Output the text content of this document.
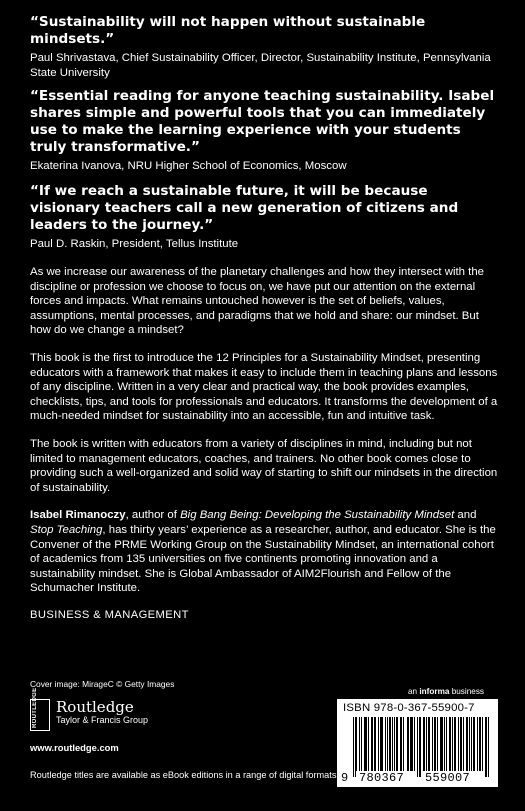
“Sustainability will not happen without sustainable mindsets.”

Paul Shrivastava, Chief Sustainability Officer, Director, Sustainability Institute, Pennsylvania State University

“Essential reading for anyone teaching sustainability. Isabel shares simple and powerful tools that you can immediately use to make the learning experience with your students truly transformative.”

Ekaterina Ivanova, NRU Higher School of Economics, Moscow

“If we reach a sustainable future, it will be because visionary teachers call a new generation of citizens and leaders to the journey.”

Paul D. Raskin, President, Tellus Institute

As we increase our awareness of the planetary challenges and how they intersect with the discipline or profession we choose to focus on, we have put our attention on the external forces and impacts. What remains untouched however is the set of beliefs, values, assumptions, mental processes, and paradigms that we hold and share: our mindset. But how do we change a mindset?

This book is the first to introduce the 12 Principles for a Sustainability Mindset, presenting educators with a framework that makes it easy to include them in teaching plans and lessons of any discipline. Written in a very clear and practical way, the book provides examples, checklists, tips, and tools for professionals and educators. It transforms the development of a much-needed mindset for sustainability into an accessible, fun and intuitive task.

The book is written with educators from a variety of disciplines in mind, including but not limited to management educators, coaches, and trainers. No other book comes close to providing such a well-organized and solid way of starting to shift our mindsets in the direction of sustainability.

Isabel Rimanoczy, author of Big Bang Being: Developing the Sustainability Mindset and Stop Teaching, has thirty years’ experience as a researcher, author, and educator. She is the Convener of the PRME Working Group on the Sustainability Mindset, an international cohort of academics from 135 universities on five continents promoting innovation and a sustainability mindset. She is Global Ambassador of AIM2Flourish and Fellow of the Schumacher Institute.

BUSINESS & MANAGEMENT

Cover image: MirageC © Getty Images
ROUTLEDGE Routledge
Taylor & Francis Group
www.routledge.com
Routledge titles are available as eBook editions in a range of digital formats
an informa business
ISBN 978-0-367-55900-7
9 780367 559007
